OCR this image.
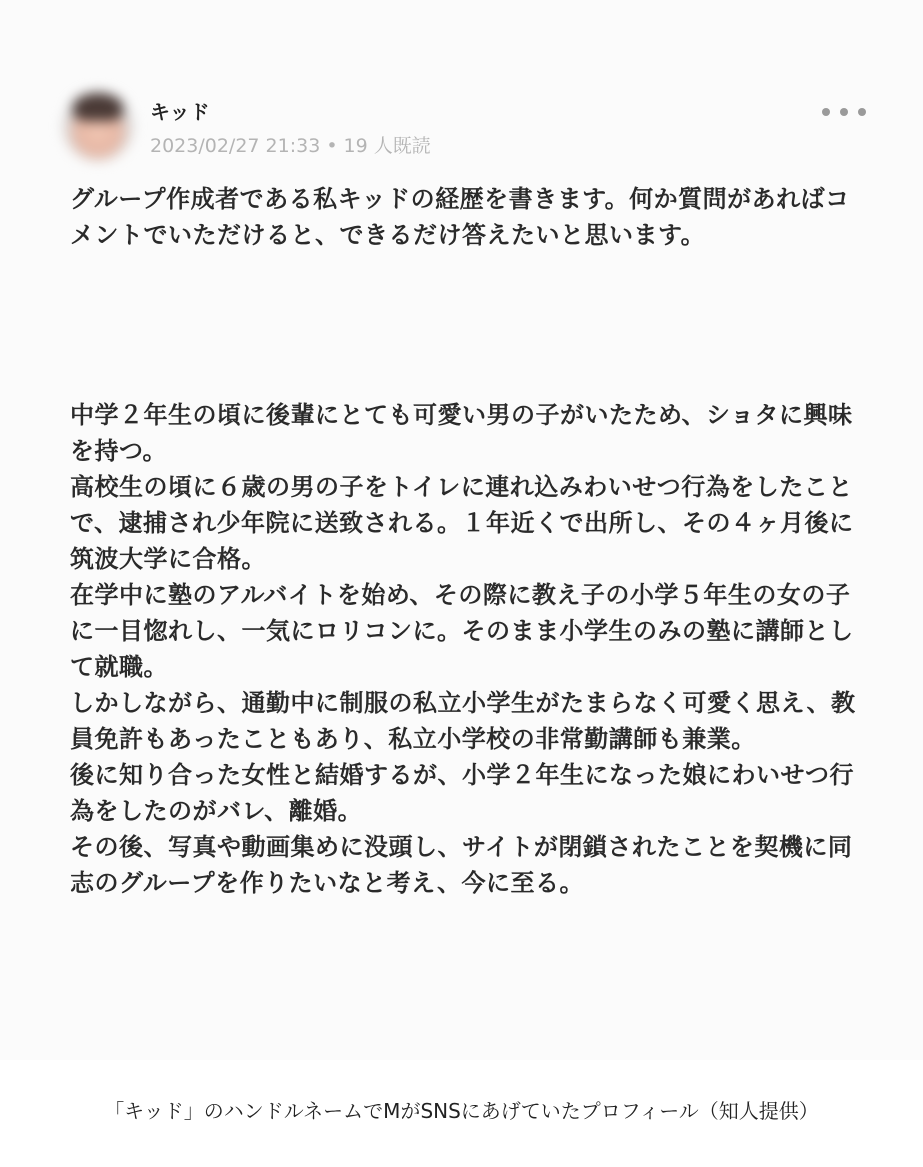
キッド
2023/02/27 21:33 • 19 人既読

グループ作成者である私キッドの経歴を書きます。何か質問があればコメントでいただけると、できるだけ答えたいと思います。

中学２年生の頃に後輩にとても可愛い男の子がいたため、ショタに興味を持つ。

高校生の頃に６歳の男の子をトイレに連れ込みわいせつ行為をしたことで、逮捕され少年院に送致される。１年近くで出所し、その４ヶ月後に筑波大学に合格。

在学中に塾のアルバイトを始め、その際に教え子の小学５年生の女の子に一目惚れし、一気にロリコンに。そのまま小学生のみの塾に講師として就職。

しかしながら、通勤中に制服の私立小学生がたまらなく可愛く思え、教員免許もあったこともあり、私立小学校の非常勤講師も兼業。

後に知り合った女性と結婚するが、小学２年生になった娘にわいせつ行為をしたのがバレ、離婚。

その後、写真や動画集めに没頭し、サイトが閉鎖されたことを契機に同志のグループを作りたいなと考え、今に至る。

「キッド」のハンドルネームでMがSNSにあげていたプロフィール（知人提供）
